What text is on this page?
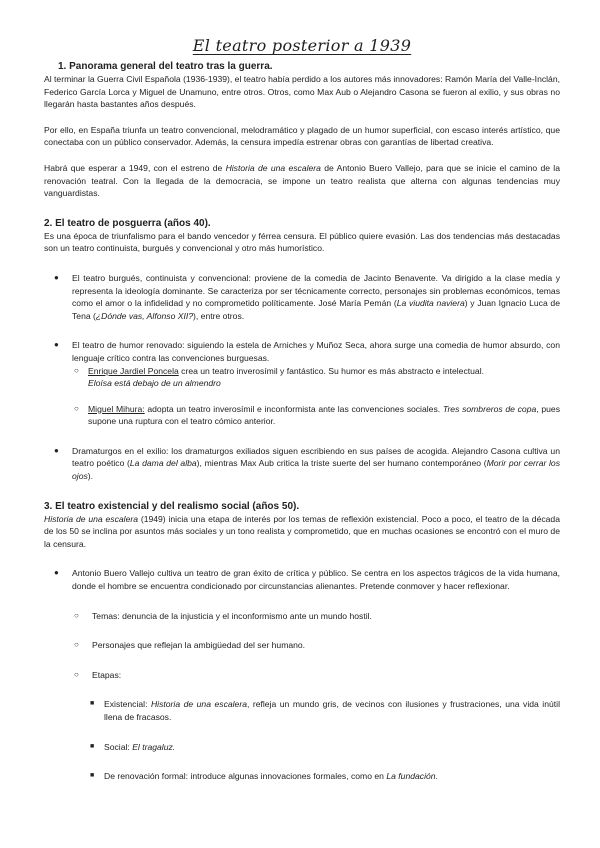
El teatro posterior a 1939
1. Panorama general del teatro tras la guerra.

Al terminar la Guerra Civil Española (1936-1939), el teatro había perdido a los autores más innovadores: Ramón María del Valle-Inclán, Federico García Lorca y Miguel de Unamuno, entre otros. Otros, como Max Aub o Alejandro Casona se fueron al exilio, y sus obras no llegarán hasta bastantes años después.

Por ello, en España triunfa un teatro convencional, melodramático y plagado de un humor superficial, con escaso interés artístico, que conectaba con un público conservador. Además, la censura impedía estrenar obras con garantías de libertad creativa.

Habrá que esperar a 1949, con el estreno de Historia de una escalera de Antonio Buero Vallejo, para que se inicie el camino de la renovación teatral. Con la llegada de la democracia, se impone un teatro realista que alterna con algunas tendencias muy vanguardistas.

2. El teatro de posguerra (años 40).

Es una época de triunfalismo para el bando vencedor y férrea censura. El público quiere evasión. Las dos tendencias más destacadas son un teatro continuista, burgués y convencional y otro más humorístico.

● El teatro burgués, continuista y convencional: proviene de la comedia de Jacinto Benavente. Va dirigido a la clase media y representa la ideología dominante. Se caracteriza por ser técnicamente correcto, personajes sin problemas económicos, temas como el amor o la infidelidad y no comprometido políticamente. José María Pemán (La viudita naviera) y Juan Ignacio Luca de Tena (¿Dónde vas, Alfonso XII?), entre otros.
● El teatro de humor renovado: siguiendo la estela de Arniches y Muñoz Seca, ahora surge una comedia de humor absurdo, con lenguaje crítico contra las convenciones burguesas.
○ Enrique Jardiel Poncela crea un teatro inverosímil y fantástico. Su humor es más abstracto e intelectual.
Eloísa está debajo de un almendro
○ Miguel Mihura: adopta un teatro inverosímil e inconformista ante las convenciones sociales. Tres sombreros de copa, pues supone una ruptura con el teatro cómico anterior.
● Dramaturgos en el exilio: los dramaturgos exiliados siguen escribiendo en sus países de acogida. Alejandro Casona cultiva un teatro poético (La dama del alba), mientras Max Aub critica la triste suerte del ser humano contemporáneo (Morir por cerrar los ojos).
3. El teatro existencial y del realismo social (años 50).

Historia de una escalera (1949) inicia una etapa de interés por los temas de reflexión existencial. Poco a poco, el teatro de la década de los 50 se inclina por asuntos más sociales y un tono realista y comprometido, que en muchas ocasiones se encontró con el muro de la censura.

● Antonio Buero Vallejo cultiva un teatro de gran éxito de crítica y público. Se centra en los aspectos trágicos de la vida humana, donde el hombre se encuentra condicionado por circunstancias alienantes. Pretende conmover y hacer reflexionar.
○ Temas: denuncia de la injusticia y el inconformismo ante un mundo hostil.
○ Personajes que reflejan la ambigüedad del ser humano.
○ Etapas:
■ Existencial: Historia de una escalera, refleja un mundo gris, de vecinos con ilusiones y frustraciones, una vida inútil llena de fracasos.
■ Social: El tragaluz.
■ De renovación formal: introduce algunas innovaciones formales, como en La fundación.
